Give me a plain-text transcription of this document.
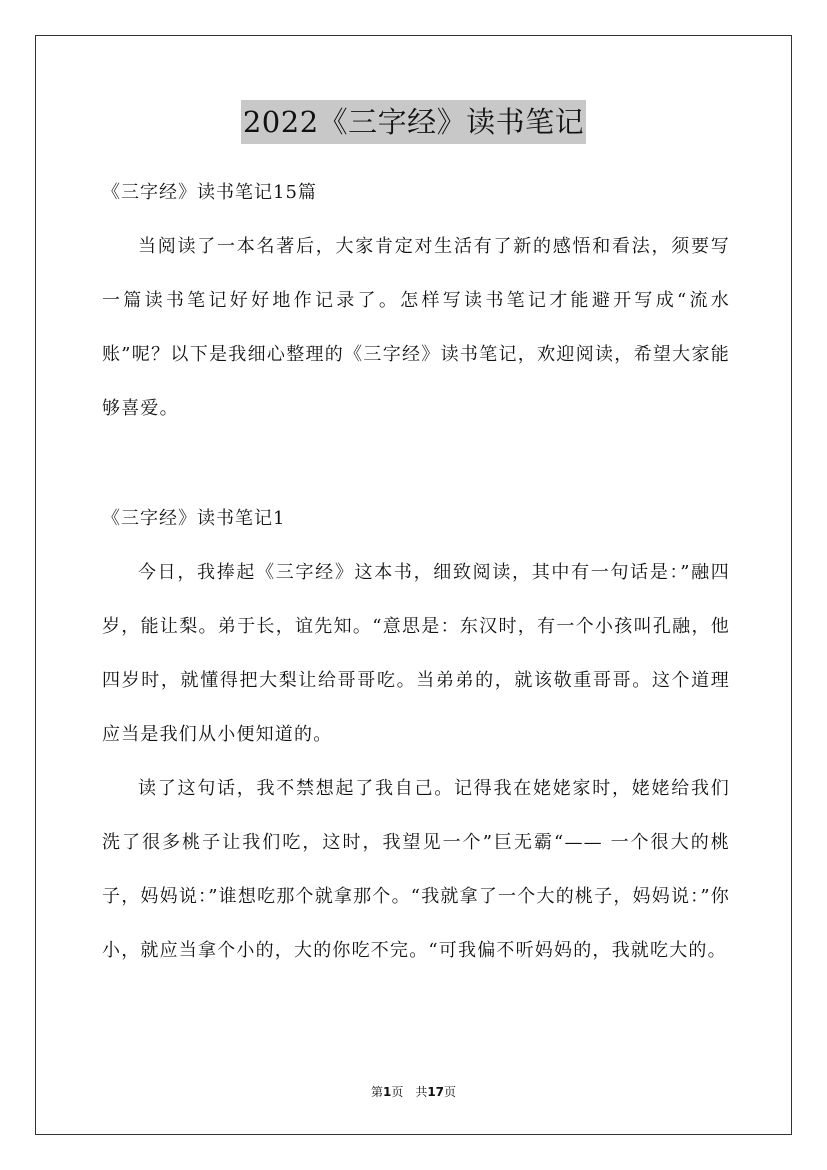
2022《三字经》读书笔记
《三字经》读书笔记15篇

当阅读了一本名著后，大家肯定对生活有了新的感悟和看法，须要写一篇读书笔记好好地作记录了。怎样写读书笔记才能避开写成“流水账”呢？以下是我细心整理的《三字经》读书笔记，欢迎阅读，希望大家能够喜爱。

《三字经》读书笔记1

今日，我捧起《三字经》这本书，细致阅读，其中有一句话是：”融四岁，能让梨。弟于长，谊先知。“意思是：东汉时，有一个小孩叫孔融，他四岁时，就懂得把大梨让给哥哥吃。当弟弟的，就该敬重哥哥。这个道理应当是我们从小便知道的。

读了这句话，我不禁想起了我自己。记得我在姥姥家时，姥姥给我们洗了很多桃子让我们吃，这时，我望见一个”巨无霸“—— 一个很大的桃子，妈妈说：”谁想吃那个就拿那个。“我就拿了一个大的桃子，妈妈说：”你小，就应当拿个小的，大的你吃不完。“可我偏不听妈妈的，我就吃大的。

第1页　共17页
